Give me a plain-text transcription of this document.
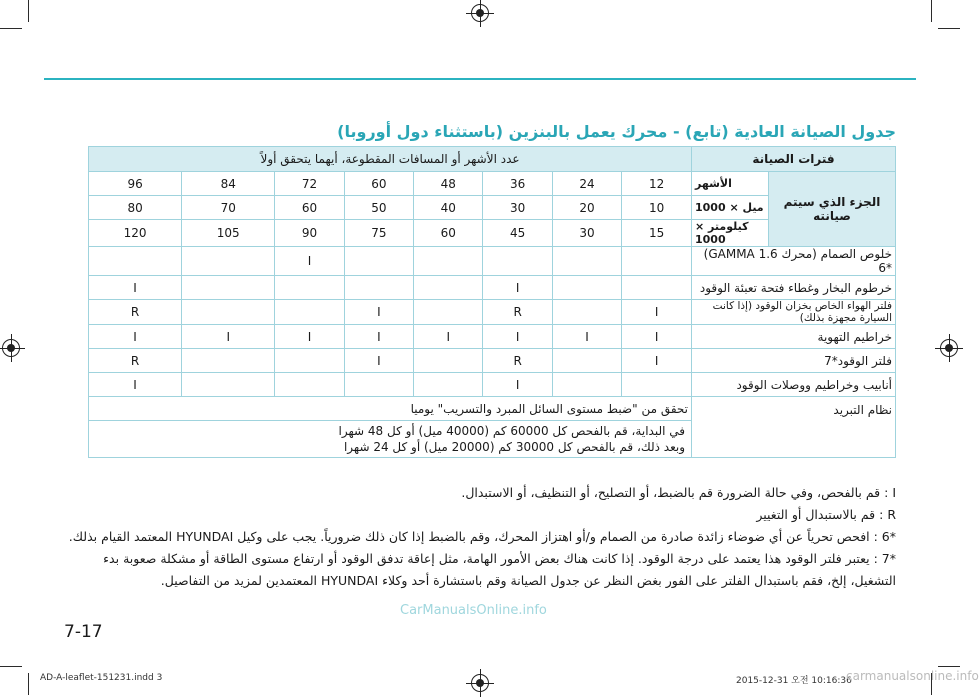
جدول الصيانة العادية (تابع) - محرك يعمل بالبنزين (باستثناء دول أوروبا)
عدد الأشهر أو المسافات المقطوعة، أيهما يتحقق أولاً								فترات الصيانة	
96	84	72	60	48	36	24	12	الأشهر	الجزء الذي سيتم صيانته
80	70	60	50	40	30	20	10	ميل × 1000	
120	105	90	75	60	45	30	15	كيلومتر × 1000	
		I						خلوص الصمام (محرك GAMMA 1.6) *6	
I					I			خرطوم البخار وغطاء فتحة تعبئة الوقود	
R			I		R		I	فلتر الهواء الخاص بخزان الوقود (إذا كانت السيارة مجهزة بذلك)	
I	I	I	I	I	I	I	I	خراطيم التهوية	
R			I		R		I	فلتر الوقود*7	
I					I			أنابيب وخراطيم ووصلات الوقود	
تحقق من "ضبط مستوى السائل المبرد والتسريب" يوميا								نظام التبريد	

في البداية، قم بالفحص كل 60000 كم (40000 ميل) أو كل 48 شهرا
وبعد ذلك، قم بالفحص كل 30000 كم (20000 ميل) أو كل 24 شهرا									

I : قم بالفحص، وفي حالة الضرورة قم بالضبط، أو التصليح، أو التنظيف، أو الاستبدال.

R : قم بالاستبدال أو التغيير

*6 : افحص تحرياً عن أي ضوضاء زائدة صادرة من الصمام و/أو اهتزاز المحرك، وقم بالضبط إذا كان ذلك ضرورياً. يجب على وكيل HYUNDAI المعتمد القيام بذلك.

*7 : يعتبر فلتر الوقود هذا يعتمد على درجة الوقود. إذا كانت هناك بعض الأمور الهامة، مثل إعاقة تدفق الوقود أو ارتفاع مستوى الطاقة أو مشكلة صعوبة بدء التشغيل، إلخ، فقم باستبدال الفلتر على الفور بغض النظر عن جدول الصيانة وقم باستشارة أحد وكلاء HYUNDAI المعتمدين لمزيد من التفاصيل.

CarManualsOnline.info
7-17
AD-A-leaflet-151231.indd 3	2015-12-31 오전 10:16:36
carmanualsonline.info
